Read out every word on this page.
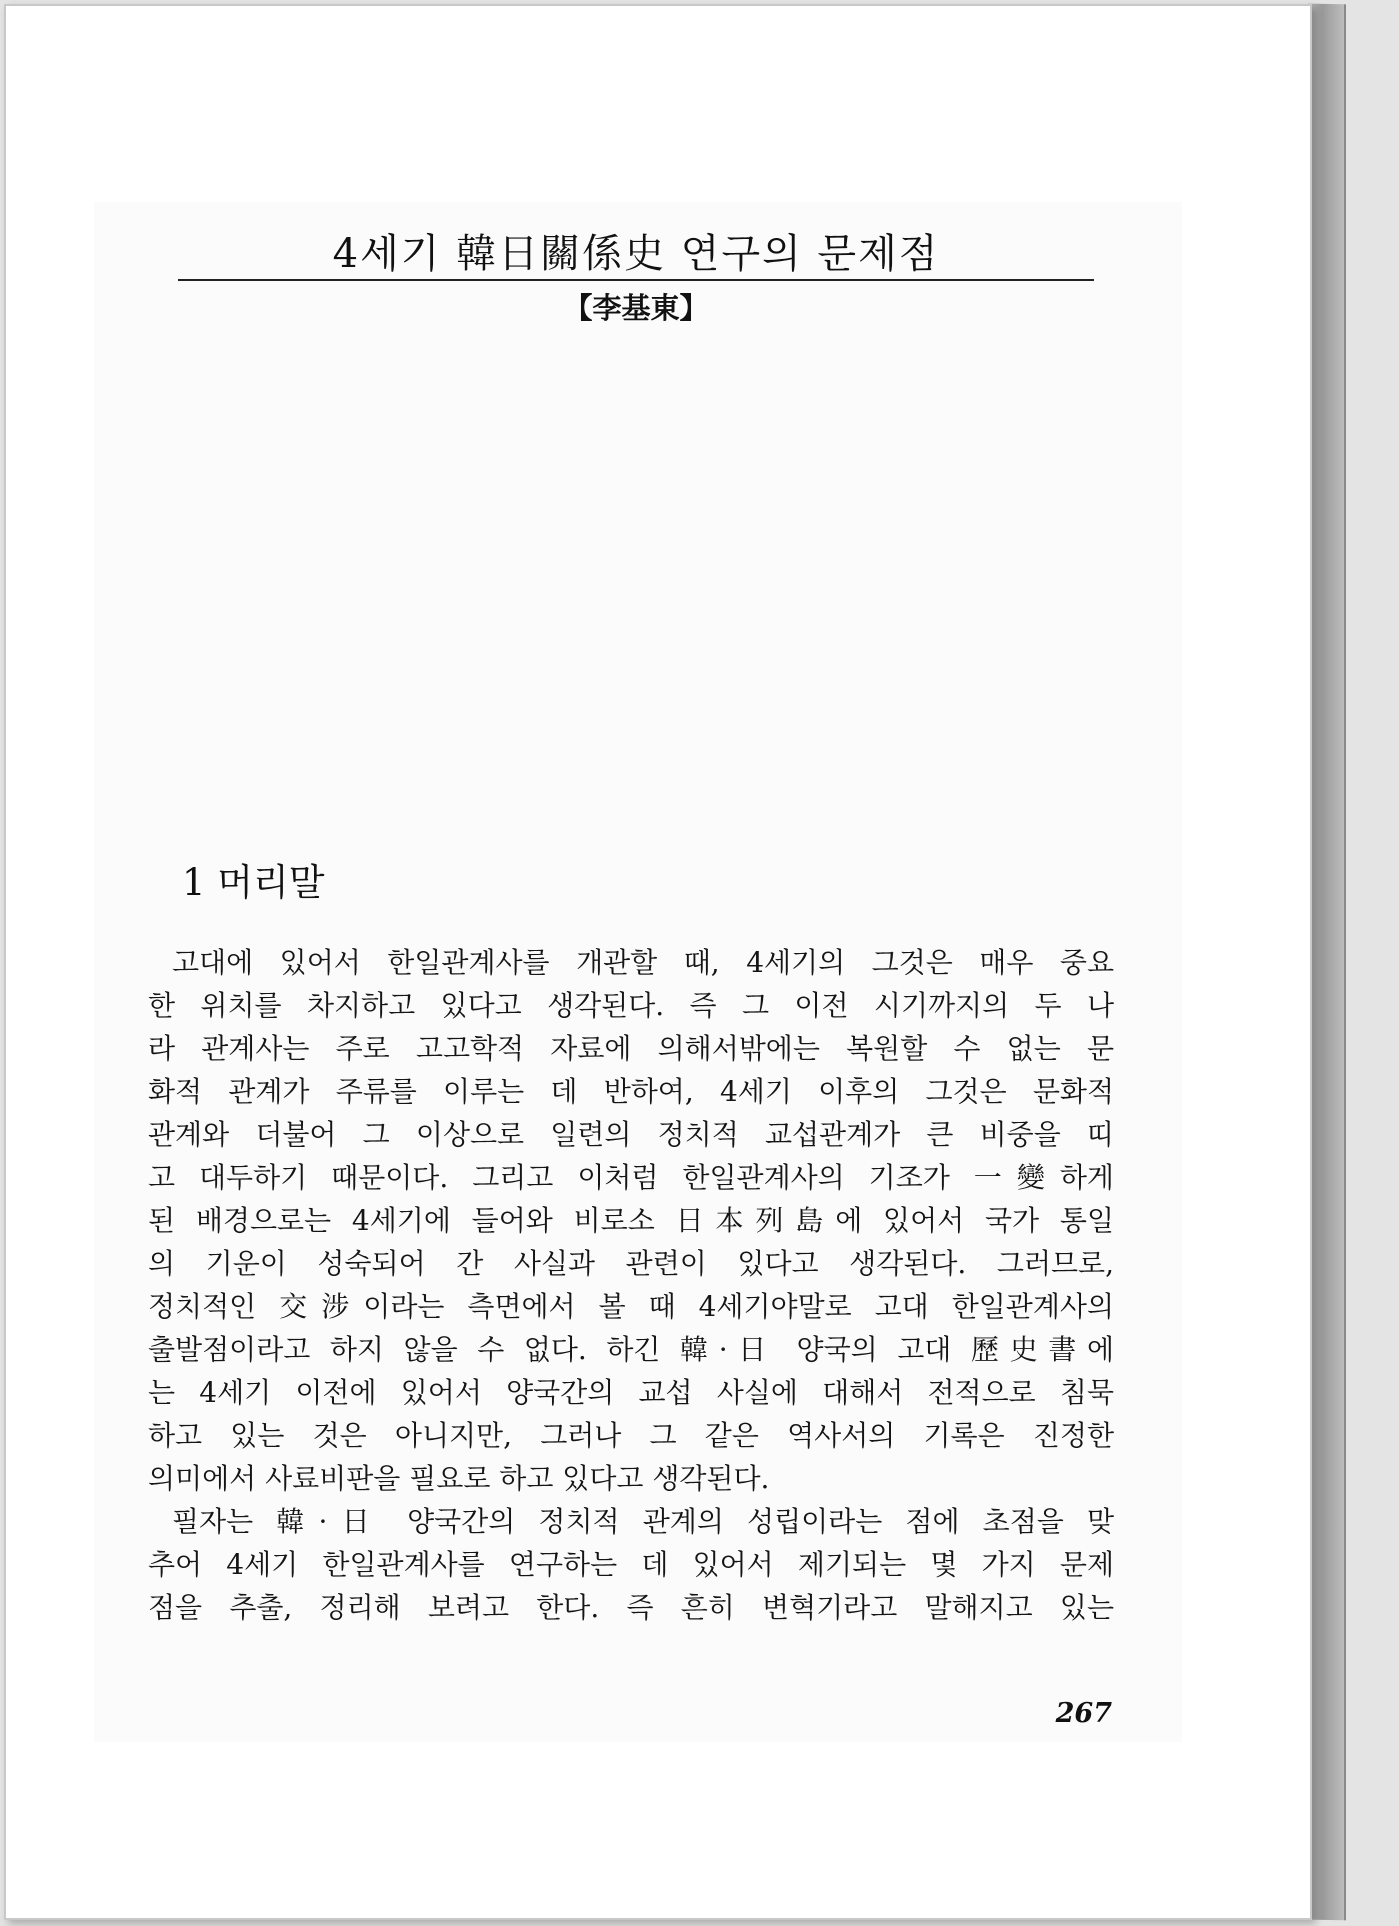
4세기 韓日關係史 연구의 문제점
【李基東】
1 머리말
고대에 있어서 한일관계사를 개관할 때, 4세기의 그것은 매우 중요
한 위치를 차지하고 있다고 생각된다. 즉 그 이전 시기까지의 두 나
라 관계사는 주로 고고학적 자료에 의해서밖에는 복원할 수 없는 문
화적 관계가 주류를 이루는 데 반하여, 4세기 이후의 그것은 문화적
관계와 더불어 그 이상으로 일련의 정치적 교섭관계가 큰 비중을 띠
고 대두하기 때문이다. 그리고 이처럼 한일관계사의 기조가 一變하게
된 배경으로는 4세기에 들어와 비로소 日本列島에 있어서 국가 통일
의 기운이 성숙되어 간 사실과 관련이 있다고 생각된다. 그러므로,
정치적인 交涉이라는 측면에서 볼 때 4세기야말로 고대 한일관계사의
출발점이라고 하지 않을 수 없다. 하긴 韓·日 양국의 고대 歷史書에
는 4세기 이전에 있어서 양국간의 교섭 사실에 대해서 전적으로 침묵
하고 있는 것은 아니지만, 그러나 그 같은 역사서의 기록은 진정한
의미에서 사료비판을 필요로 하고 있다고 생각된다.
필자는 韓·日 양국간의 정치적 관계의 성립이라는 점에 초점을 맞
추어 4세기 한일관계사를 연구하는 데 있어서 제기되는 몇 가지 문제
점을 추출, 정리해 보려고 한다. 즉 흔히 변혁기라고 말해지고 있는
267
